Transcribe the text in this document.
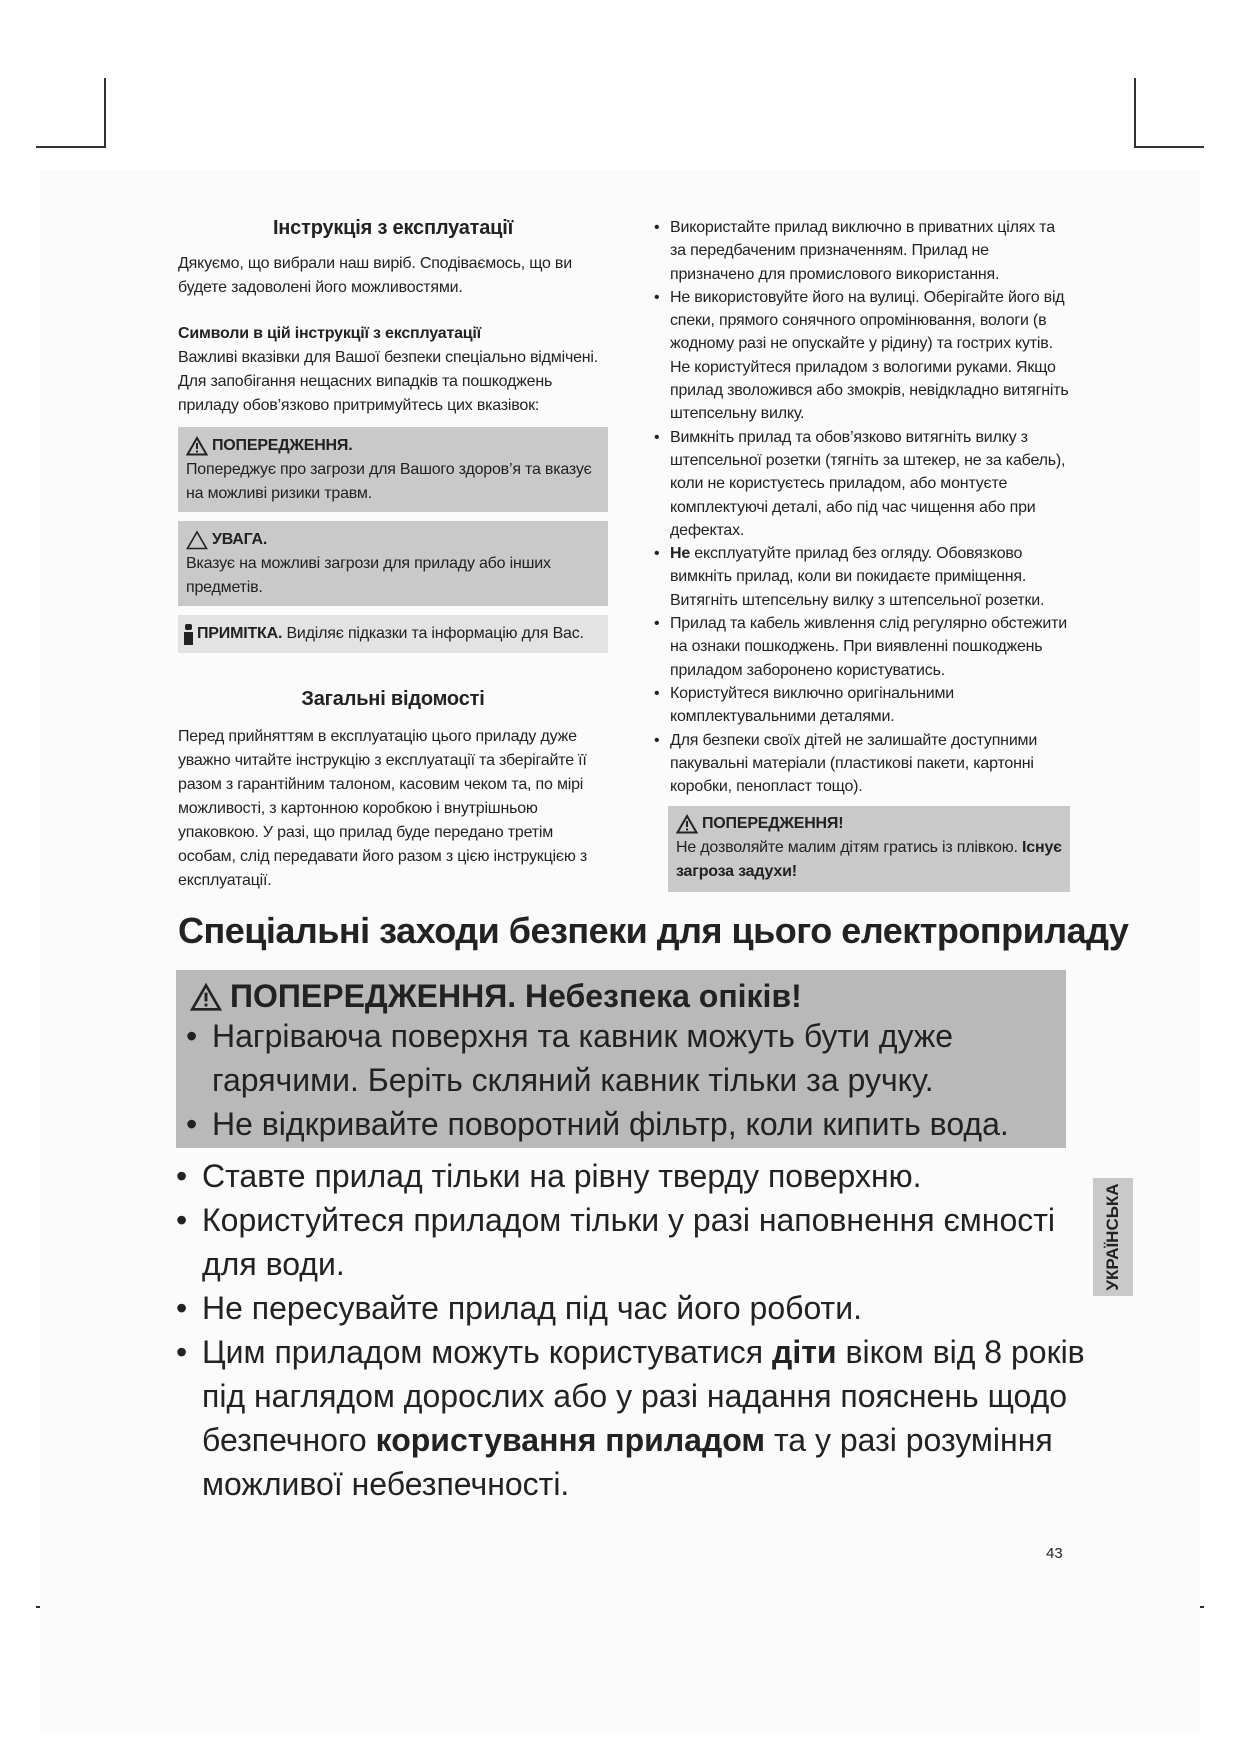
Інструкція з експлуатації

Дякуємо, що вибрали наш виріб. Сподіваємось, що ви будете задоволені його можливостями.

Символи в цій інструкції з експлуатації

Важливі вказівки для Вашої безпеки спеціально відмічені. Для запобігання нещасних випадків та пошкоджень приладу обов’язково притримуйтесь цих вказівок:

ПОПЕРЕДЖЕННЯ.
Попереджує про загрози для Вашого здоров’я та вказує на можливі ризики травм.
УВАГА.
Вказує на можливі загрози для приладу або інших предметів.
ПРИМІТКА. Виділяє підказки та інформацію для Вас.
Загальні відомості

Перед прийняттям в експлуатацію цього приладу дуже уважно читайте інструкцію з експлуатації та зберігайте її разом з гарантійним талоном, касовим чеком та, по мірі можливості, з картонною коробкою і внутрішньою упаковкою. У разі, що прилад буде передано третім особам, слід передавати його разом з цією інструкцією з експлуатації.

• Використайте прилад виключно в приватних цілях та за передбаченим призначенням. Прилад не призначено для промислового використання.
• Не використовуйте його на вулиці. Оберігайте його від спеки, прямого сонячного опромінювання, вологи (в жодному разі не опускайте у рідину) та гострих кутів. Не користуйтеся приладом з вологими руками. Якщо прилад зволожився або змокрів, невідкладно витягніть штепсельну вилку.
• Вимкніть прилад та обов’язково витягніть вилку з штепсельної розетки (тягніть за штекер, не за кабель), коли не користуєтесь приладом, або монтуєте комплектуючі деталі, або під час чищення або при дефектах.
• Не експлуатуйте прилад без огляду. Обовязково вимкніть прилад, коли ви покидаєте приміщення. Витягніть штепсельну вилку з штепсельної розетки.
• Прилад та кабель живлення слід регулярно обстежити на ознаки пошкоджень. При виявленні пошкоджень приладом заборонено користуватись.
• Користуйтеся виключно оригінальними комплектувальними деталями.
• Для безпеки своїх дітей не залишайте доступними пакувальні матеріали (пластикові пакети, картонні коробки, пенопласт тощо).
ПОПЕРЕДЖЕННЯ!
Не дозволяйте малим дітям гратись із плівкою. Існує загроза задухи!
Спеціальні заходи безпеки для цього електроприладу
ПОПЕРЕДЖЕННЯ. Небезпека опіків!
• Нагріваюча поверхня та кавник можуть бути дуже гарячими. Беріть скляний кавник тільки за ручку.
• Не відкривайте поворотний фільтр, коли кипить вода.
• Ставте прилад тільки на рівну тверду поверхню.
• Користуйтеся приладом тільки у разі наповнення ємності для води.
• Не пересувайте прилад під час його роботи.
• Цим приладом можуть користуватися діти віком від 8 років під наглядом дорослих або у разі надання пояснень щодо безпечного користування приладом та у разі розуміння можливої небезпечності.
УКРАЇНСЬКА
43
